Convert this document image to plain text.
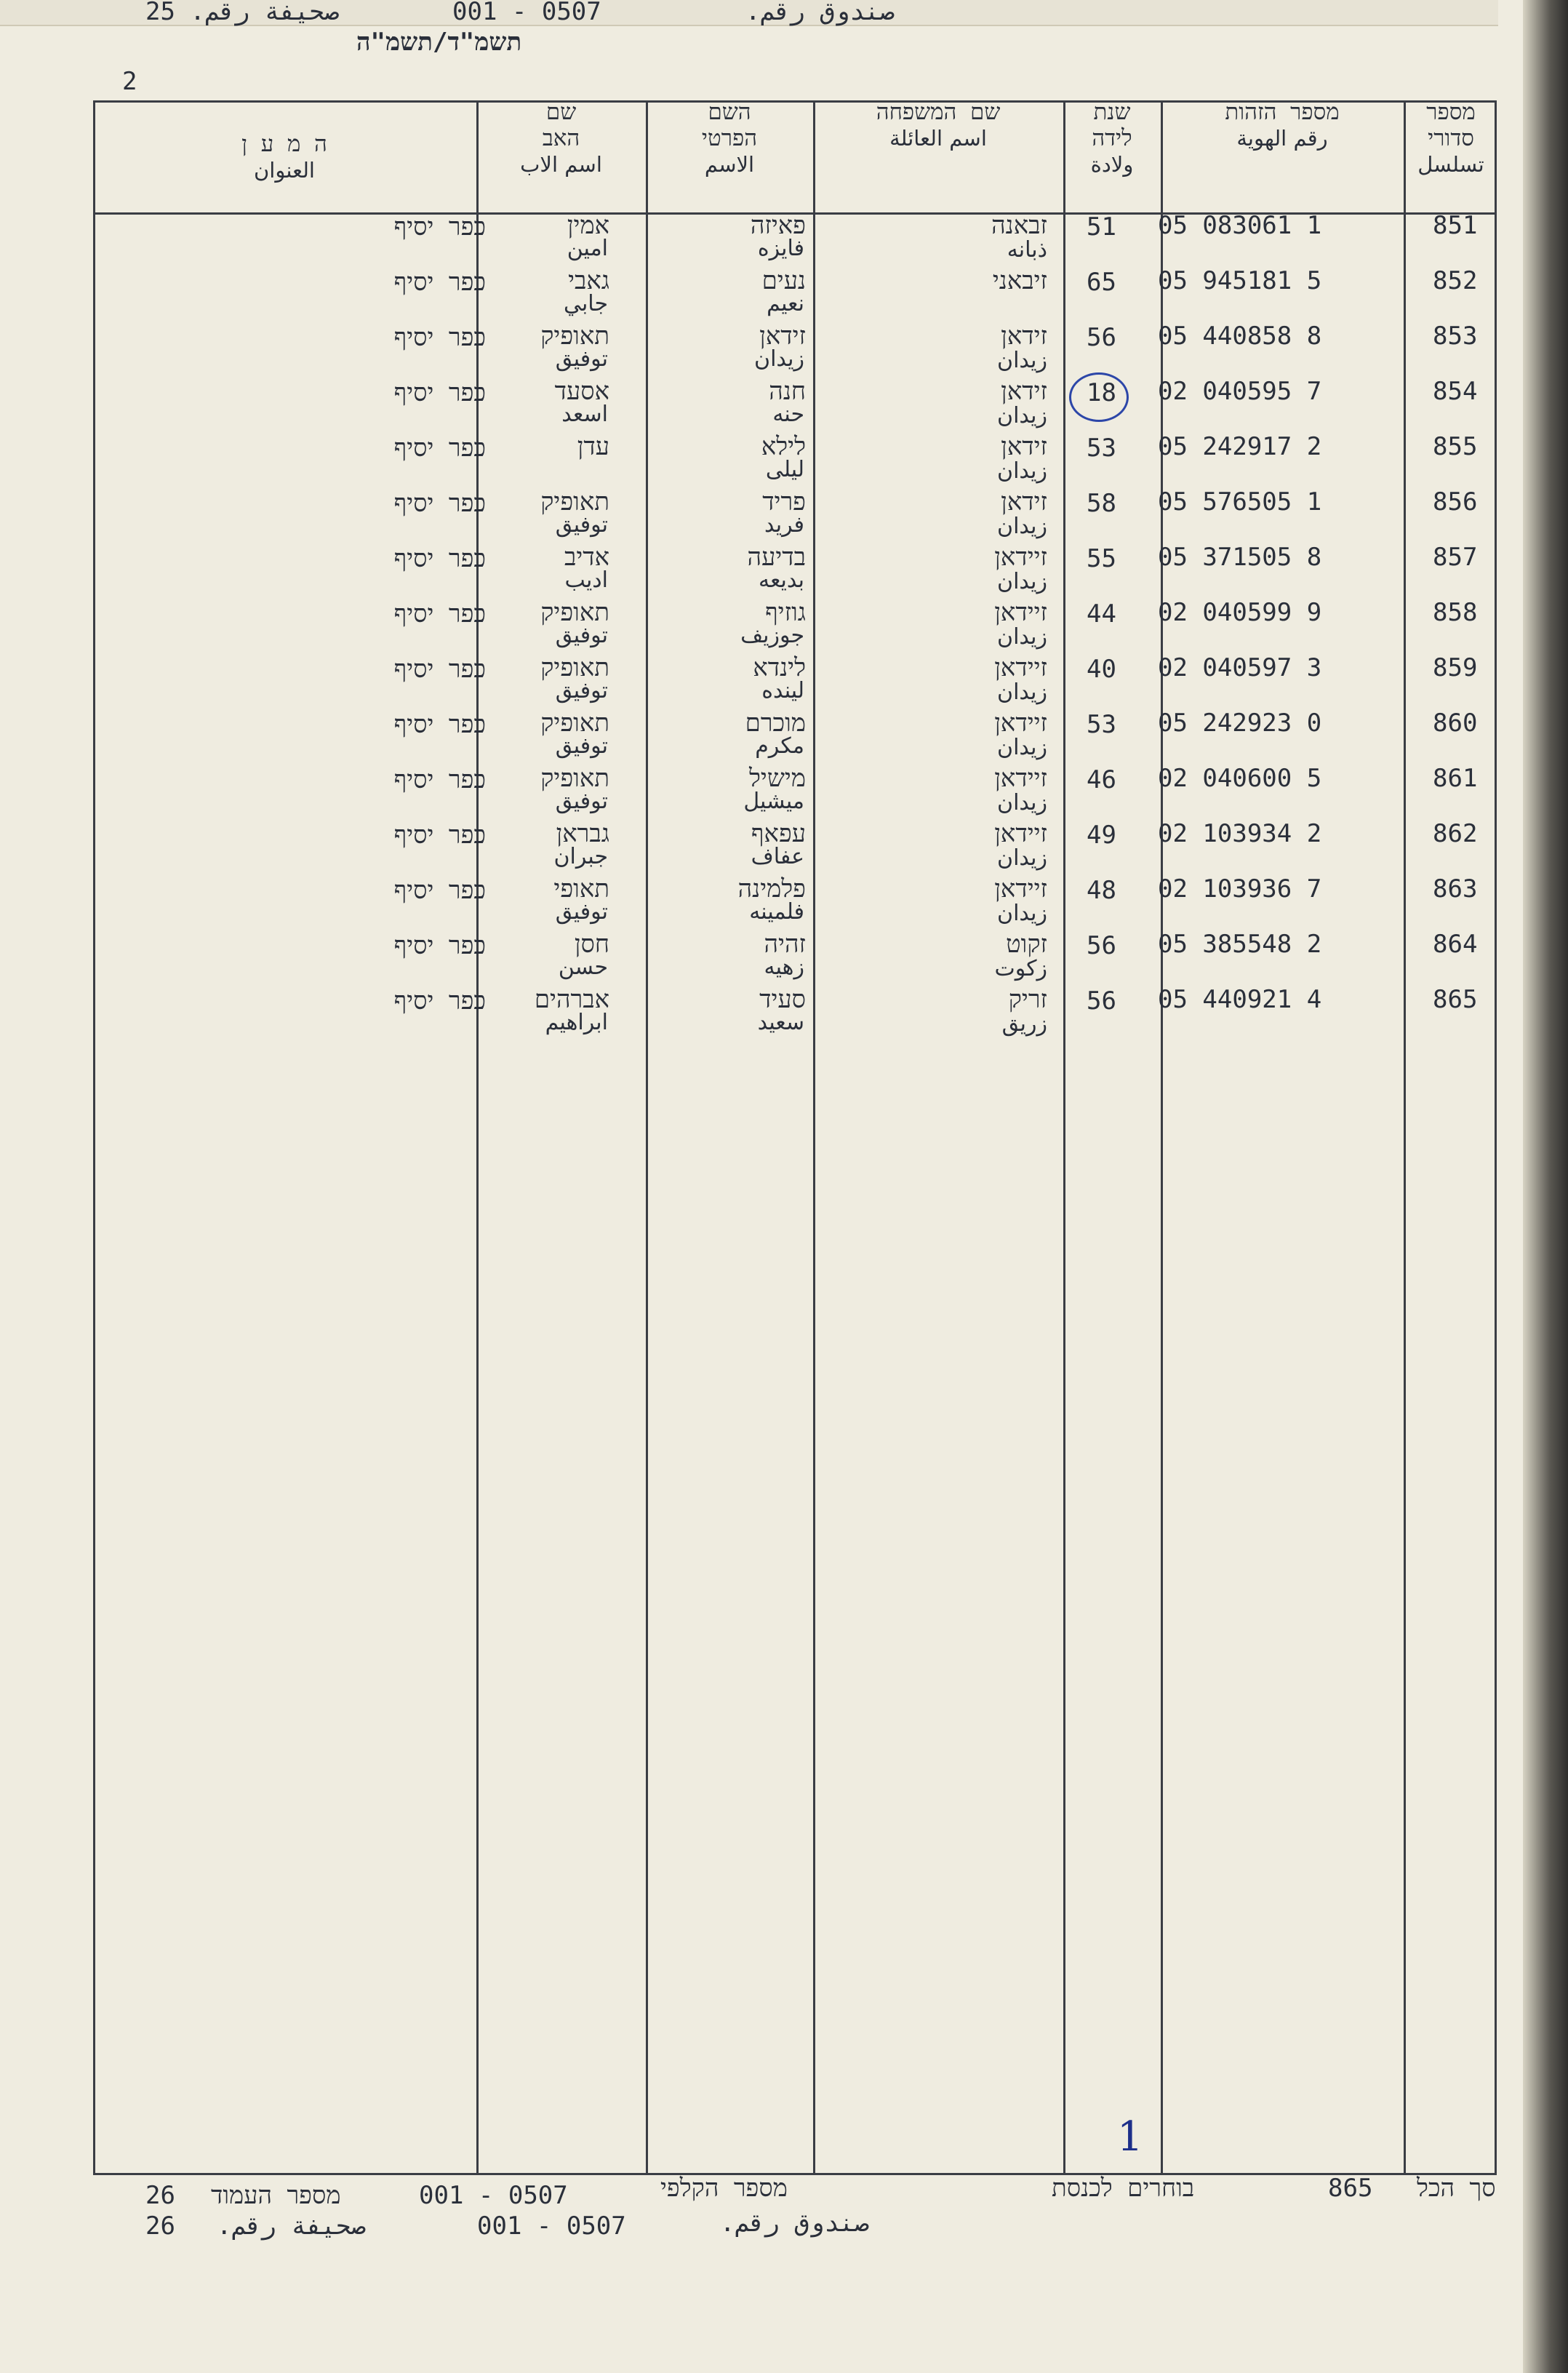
صحيفة رقم. 25	0507 - 001	صندوق رقم.
2
תשמ"ד/תשמ"ה
מספר סדורי
تسلسل
מספר הזהות
رقم الهوية
שנת לידה
ولادة
שם המשפחה
اسم العائلة
השם הפרטי
الاسم
שם האב
اسم الاب
ה מ ע ן
العنوان
851
05 083061 1
51
זבאנה
ذبانه
פאיזה
فايزه
אמין
امين
כפר יסיף
852
05 945181 5
65
זיבאני
נעים
نعيم
גאבי
جابي
כפר יסיף
853
05 440858 8
56
זידאן
زيدان
זידאן
زيدان
תאופיק
توفيق
כפר יסיף
854
02 040595 7
18
זידאן
زيدان
חנה
حنه
אסעד
اسعد
כפר יסיף
855
05 242917 2
53
זידאן
زيدان
לילא
ليلى
עדן
כפר יסיף
856
05 576505 1
58
זידאן
زيدان
פריד
فريد
תאופיק
توفيق
כפר יסיף
857
05 371505 8
55
זיידאן
زيدان
בדיעה
بديعه
אדיב
اديب
כפר יסיף
858
02 040599 9
44
זיידאן
زيدان
גוזיף
جوزيف
תאופיק
توفيق
כפר יסיף
859
02 040597 3
40
זיידאן
زيدان
לינדא
لينده
תאופיק
توفيق
כפר יסיף
860
05 242923 0
53
זיידאן
زيدان
מוכרם
مكرم
תאופיק
توفيق
כפר יסיף
861
02 040600 5
46
זיידאן
زيدان
מישיל
ميشيل
תאופיק
توفيق
כפר יסיף
862
02 103934 2
49
זיידאן
زيدان
עפאף
عفاف
גבראן
جبران
כפר יסיף
863
02 103936 7
48
זיידאן
زيدان
פלמינה
فلمينه
תאופי
توفيق
כפר יסיף
864
05 385548 2
56
זקוט
زكوت
זהיה
زهيه
חסן
حسن
כפר יסיף
865
05 440921 4
56
זריק
زريق
סעיד
سعيد
אברהים
ابراهيم
כפר יסיף
1
סך הכל
865
בוחרים לכנסת
מספר הקלפי
0507 - 001
מספר העמוד
26
صندوق رقم.
0507 - 001
صحيفة رقم.
26
